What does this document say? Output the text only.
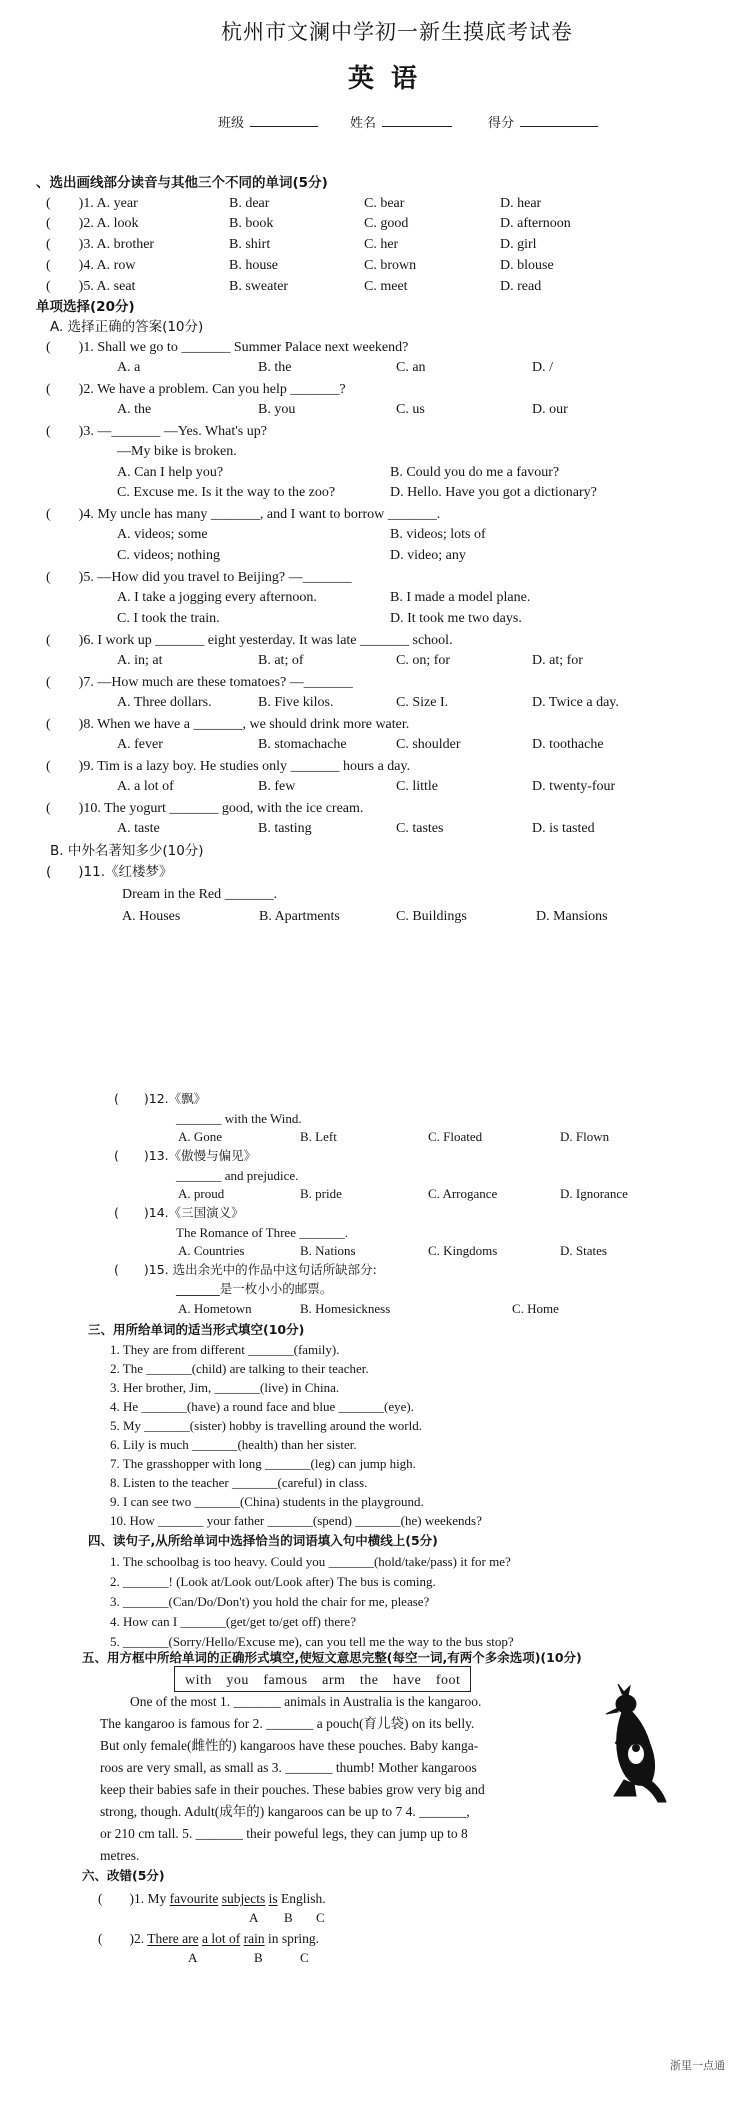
杭州市文澜中学初一新生摸底考试卷
英 语
班级	姓名	得分
、选出画线部分读音与其他三个不同的单词(5分)
(　　)1. A. year	B. dear	C. bear	D. hear
(　　)2. A. look	B. book	C. good	D. afternoon
(　　)3. A. brother	B. shirt	C. her	D. girl
(　　)4. A. row	B. house	C. brown	D. blouse
(　　)5. A. seat	B. sweater	C. meet	D. read
单项选择(20分)
A. 选择正确的答案(10分)
(　　)1. Shall we go to _______ Summer Palace next weekend?
A. a	B. the	C. an	D. /
(　　)2. We have a problem. Can you help _______?
A. the	B. you	C. us	D. our
(　　)3. —_______ —Yes. What's up?
—My bike is broken.
A. Can I help you?	B. Could you do me a favour?
C. Excuse me. Is it the way to the zoo?	D. Hello. Have you got a dictionary?
(　　)4. My uncle has many _______, and I want to borrow _______.
A. videos; some	B. videos; lots of
C. videos; nothing	D. video; any
(　　)5. —How did you travel to Beijing? —_______
A. I take a jogging every afternoon.	B. I made a model plane.
C. I took the train.	D. It took me two days.
(　　)6. I work up _______ eight yesterday. It was late _______ school.
A. in; at	B. at; of	C. on; for	D. at; for
(　　)7. —How much are these tomatoes? —_______
A. Three dollars.	B. Five kilos.	C. Size I.	D. Twice a day.
(　　)8. When we have a _______, we should drink more water.
A. fever	B. stomachache	C. shoulder	D. toothache
(　　)9. Tim is a lazy boy. He studies only _______ hours a day.
A. a lot of	B. few	C. little	D. twenty-four
(　　)10. The yogurt _______ good, with the ice cream.
A. taste	B. tasting	C. tastes	D. is tasted
B. 中外名著知多少(10分)
(　　)11.《红楼梦》
Dream in the Red _______.
A. Houses	B. Apartments	C. Buildings	D. Mansions
(　　)12.《飘》
_______ with the Wind.
A. Gone	B. Left	C. Floated	D. Flown
(　　)13.《傲慢与偏见》
_______ and prejudice.
A. proud	B. pride	C. Arrogance	D. Ignorance
(　　)14.《三国演义》
The Romance of Three _______.
A. Countries	B. Nations	C. Kingdoms	D. States
(　　)15. 选出余光中的作品中这句话所缺部分:
_______是一枚小小的邮票。
A. Hometown	B. Homesickness	C. Home
三、用所给单词的适当形式填空(10分)
1. They are from different _______(family).
2. The _______(child) are talking to their teacher.
3. Her brother, Jim, _______(live) in China.
4. He _______(have) a round face and blue _______(eye).
5. My _______(sister) hobby is travelling around the world.
6. Lily is much _______(health) than her sister.
7. The grasshopper with long _______(leg) can jump high.
8. Listen to the teacher _______(careful) in class.
9. I can see two _______(China) students in the playground.
10. How _______ your father _______(spend) _______(he) weekends?
四、读句子,从所给单词中选择恰当的词语填入句中横线上(5分)
1. The schoolbag is too heavy. Could you _______(hold/take/pass) it for me?
2. _______! (Look at/Look out/Look after) The bus is coming.
3. _______(Can/Do/Don't) you hold the chair for me, please?
4. How can I _______(get/get to/get off) there?
5. _______(Sorry/Hello/Excuse me), can you tell me the way to the bus stop?
五、用方框中所给单词的正确形式填空,使短文意思完整(每空一词,有两个多余选项)(10分)
with　you　famous　arm　the　have　foot
One of the most 1. _______ animals in Australia is the kangaroo.
The kangaroo is famous for 2. _______ a pouch(育儿袋) on its belly.
But only female(雌性的) kangaroos have these pouches. Baby kanga-
roos are very small, as small as 3. _______ thumb! Mother kangaroos
keep their babies safe in their pouches. These babies grow very big and
strong, though. Adult(成年的) kangaroos can be up to 7 4. _______,
or 210 cm tall. 5. _______ their poweful legs, they can jump up to 8
metres.
六、改错(5分)
(　　)1. My favourite subjects is English.
A B C
(　　)2. There are a lot of rain in spring.
A	B	C
浙里一点通
